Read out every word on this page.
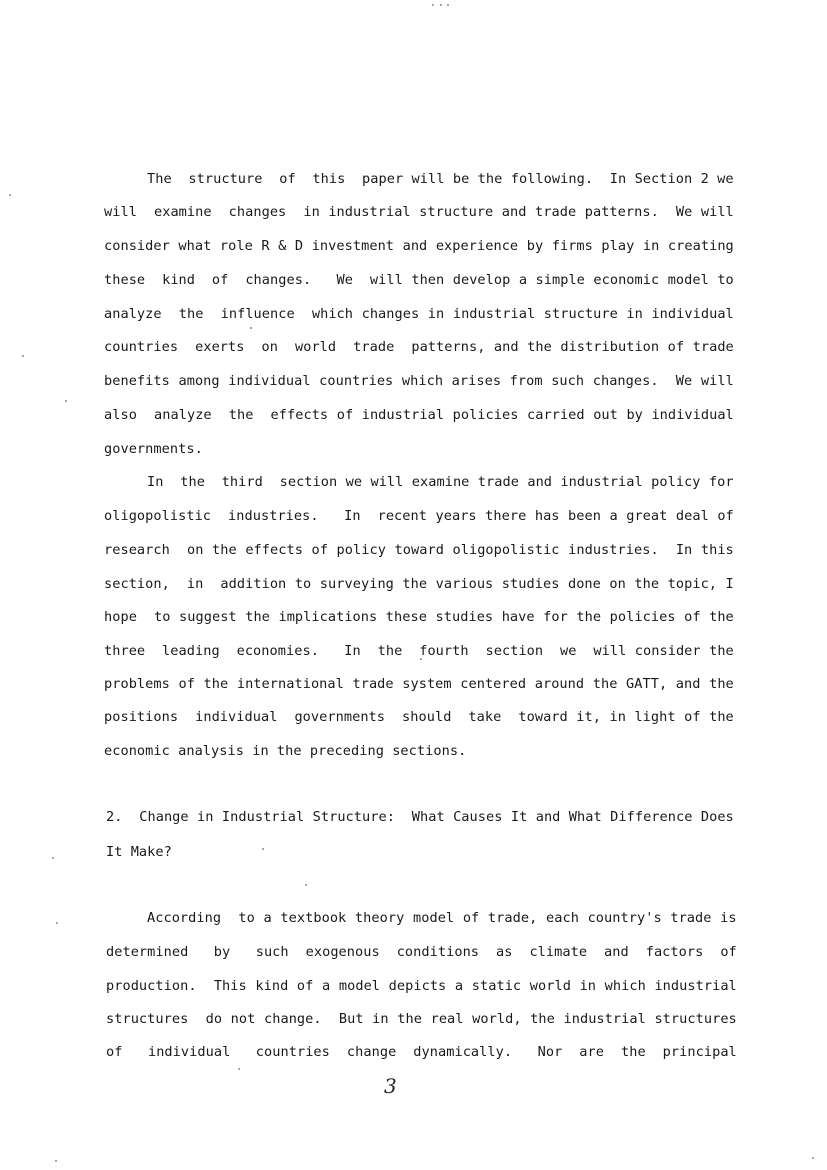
The  structure  of  this  paper will be the following.  In Section 2 we
will  examine  changes  in industrial structure and trade patterns.  We will
consider what role R & D investment and experience by firms play in creating
these  kind  of  changes.   We  will then develop a simple economic model to
analyze  the  influence  which changes in industrial structure in individual
countries  exerts  on  world  trade  patterns, and the distribution of trade
benefits among individual countries which arises from such changes.  We will
also  analyze  the  effects of industrial policies carried out by individual
governments.
In  the  third  section we will examine trade and industrial policy for
oligopolistic  industries.   In  recent years there has been a great deal of
research  on the effects of policy toward oligopolistic industries.  In this
section,  in  addition to surveying the various studies done on the topic, I
hope  to suggest the implications these studies have for the policies of the
three  leading  economies.   In  the  fourth  section  we  will consider the
problems of the international trade system centered around the GATT, and the
positions  individual  governments  should  take  toward it, in light of the
economic analysis in the preceding sections.
2.  Change in Industrial Structure:  What Causes It and What Difference Does
It Make?
According  to a textbook theory model of trade, each country's trade is
determined   by   such  exogenous  conditions  as  climate  and  factors  of
production.  This kind of a model depicts a static world in which industrial
structures  do not change.  But in the real world, the industrial structures
of   individual   countries  change  dynamically.   Nor  are  the  principal
3
